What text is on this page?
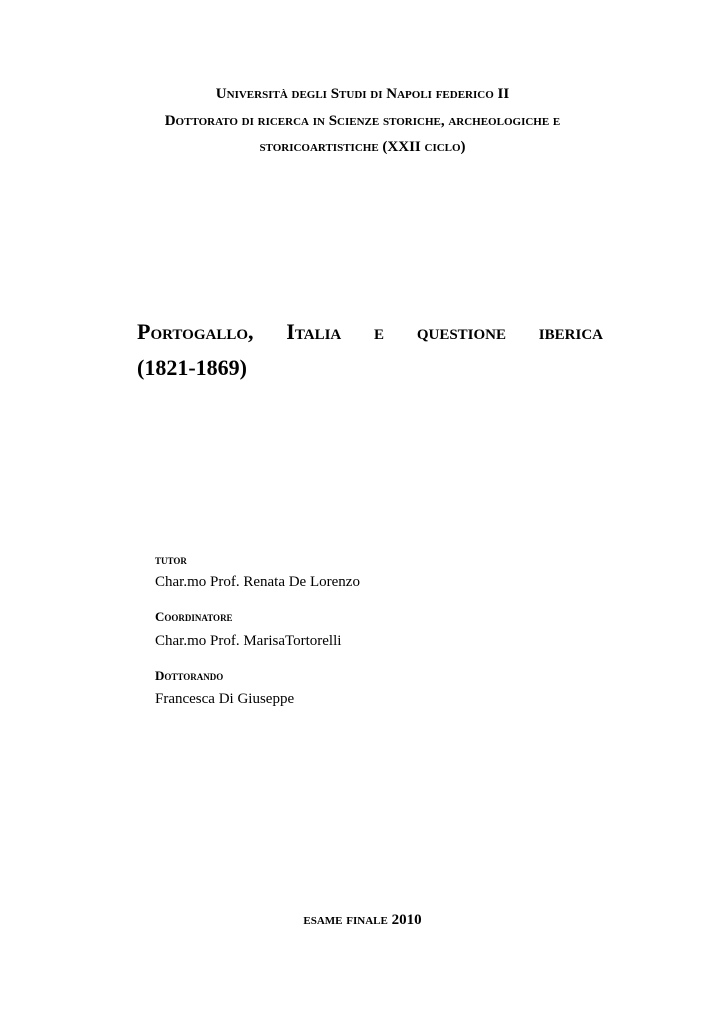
Università degli Studi di Napoli federico II
Dottorato di ricerca in Scienze storiche, archeologiche e
storicoartistiche (XXII ciclo)
Portogallo, Italia e questione iberica
(1821-1869)
tutor
Char.mo Prof. Renata De Lorenzo
Coordinatore
Char.mo Prof. MarisaTortorelli
Dottorando
Francesca Di Giuseppe
esame finale 2010
